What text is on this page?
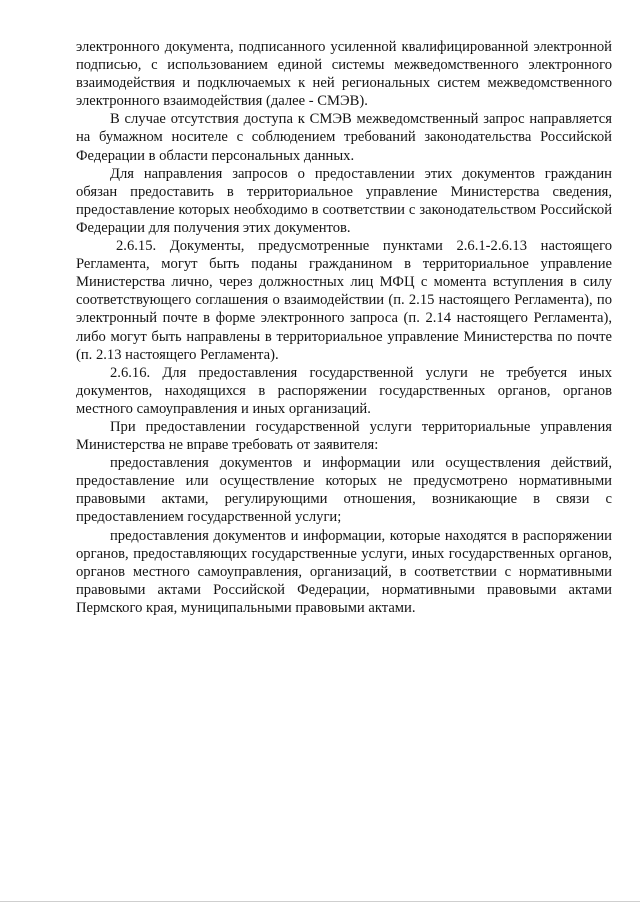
электронного документа, подписанного усиленной квалифицированной электронной подписью, с использованием единой системы межведомственного электронного взаимодействия и подключаемых к ней региональных систем межведомственного электронного взаимодействия (далее - СМЭВ).

В случае отсутствия доступа к СМЭВ межведомственный запрос направляется на бумажном носителе с соблюдением требований законодательства Российской Федерации в области персональных данных.

Для направления запросов о предоставлении этих документов гражданин обязан предоставить в территориальное управление Министерства сведения, предоставление которых необходимо в соответствии с законодательством Российской Федерации для получения этих документов.

2.6.15. Документы, предусмотренные пунктами 2.6.1-2.6.13 настоящего Регламента, могут быть поданы гражданином в территориальное управление Министерства лично, через должностных лиц МФЦ с момента вступления в силу соответствующего соглашения о взаимодействии (п. 2.15 настоящего Регламента), по электронный почте в форме электронного запроса (п. 2.14 настоящего Регламента), либо могут быть направлены в территориальное управление Министерства по почте (п. 2.13 настоящего Регламента).

2.6.16. Для предоставления государственной услуги не требуется иных документов, находящихся в распоряжении государственных органов, органов местного самоуправления и иных организаций.

При предоставлении государственной услуги территориальные управления Министерства не вправе требовать от заявителя:

предоставления документов и информации или осуществления действий, предоставление или осуществление которых не предусмотрено нормативными правовыми актами, регулирующими отношения, возникающие в связи с предоставлением государственной услуги;

предоставления документов и информации, которые находятся в распоряжении органов, предоставляющих государственные услуги, иных государственных органов, органов местного самоуправления, организаций, в соответствии с нормативными правовыми актами Российской Федерации, нормативными правовыми актами Пермского края, муниципальными правовыми актами.
